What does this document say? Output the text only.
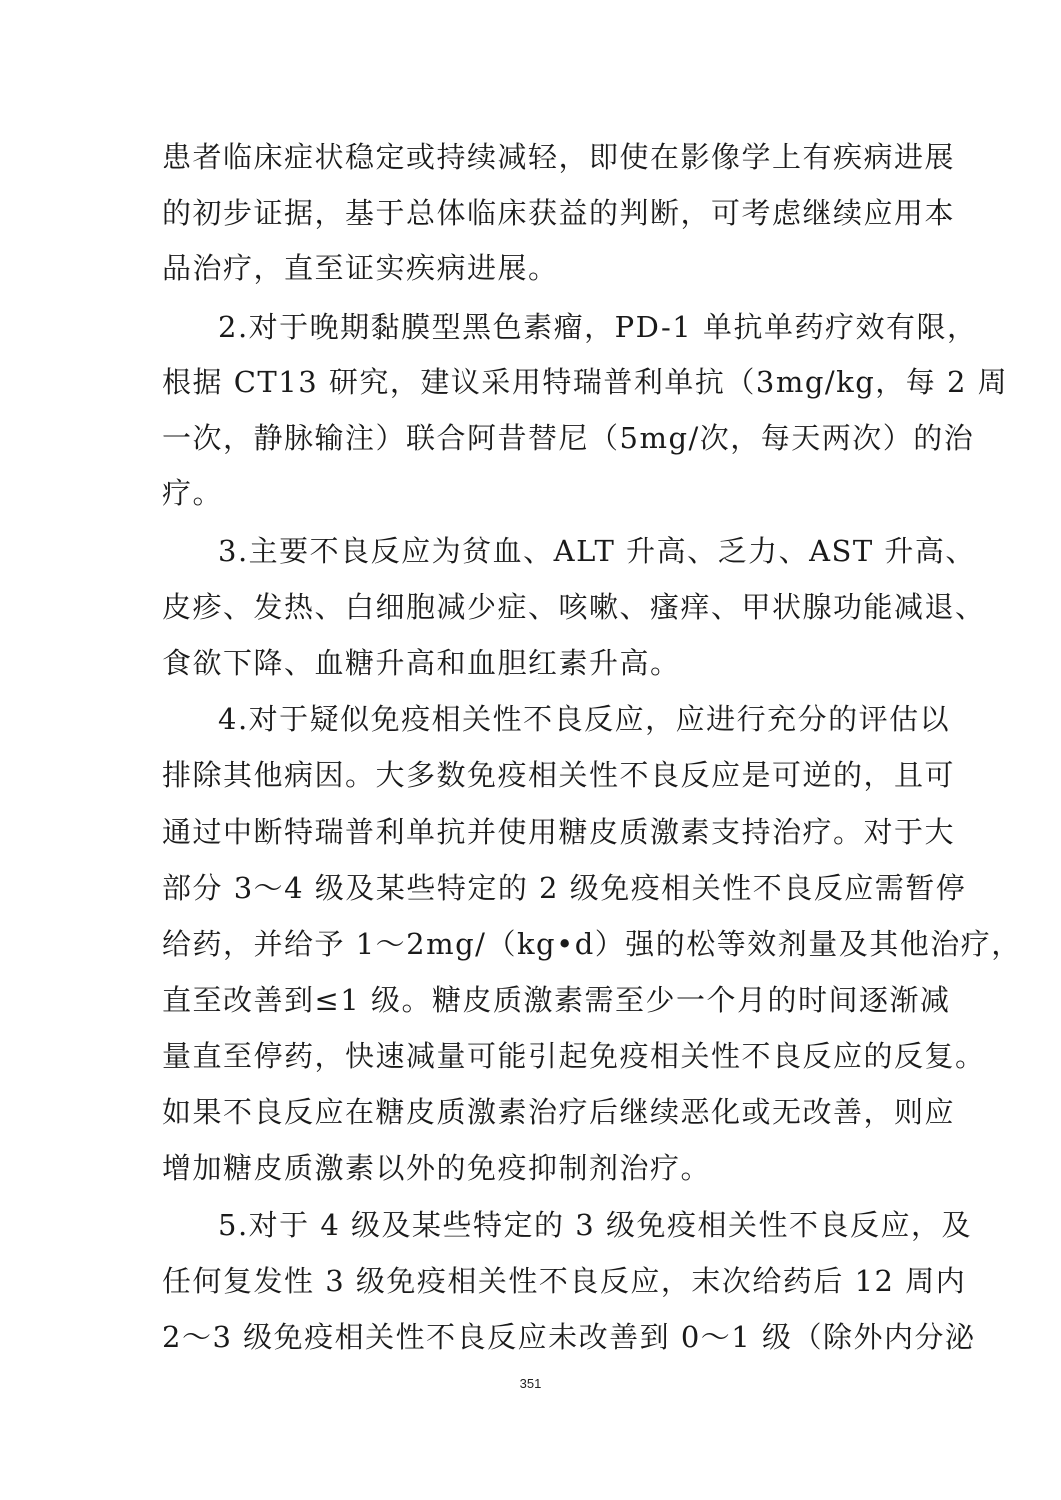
患者临床症状稳定或持续减轻，即使在影像学上有疾病进展
的初步证据，基于总体临床获益的判断，可考虑继续应用本
品治疗，直至证实疾病进展。
2.对于晚期黏膜型黑色素瘤，PD-1 单抗单药疗效有限，
根据 CT13 研究，建议采用特瑞普利单抗（3mg/kg，每 2 周
一次，静脉输注）联合阿昔替尼（5mg/次，每天两次）的治
疗。
3.主要不良反应为贫血、ALT 升高、乏力、AST 升高、
皮疹、发热、白细胞减少症、咳嗽、瘙痒、甲状腺功能减退、
食欲下降、血糖升高和血胆红素升高。
4.对于疑似免疫相关性不良反应，应进行充分的评估以
排除其他病因。大多数免疫相关性不良反应是可逆的，且可
通过中断特瑞普利单抗并使用糖皮质激素支持治疗。对于大
部分 3～4 级及某些特定的 2 级免疫相关性不良反应需暂停
给药，并给予 1～2mg/（kg•d）强的松等效剂量及其他治疗，
直至改善到≤1 级。糖皮质激素需至少一个月的时间逐渐减
量直至停药，快速减量可能引起免疫相关性不良反应的反复。
如果不良反应在糖皮质激素治疗后继续恶化或无改善，则应
增加糖皮质激素以外的免疫抑制剂治疗。
5.对于 4 级及某些特定的 3 级免疫相关性不良反应，及
任何复发性 3 级免疫相关性不良反应，末次给药后 12 周内
2～3 级免疫相关性不良反应未改善到 0～1 级（除外内分泌
351
